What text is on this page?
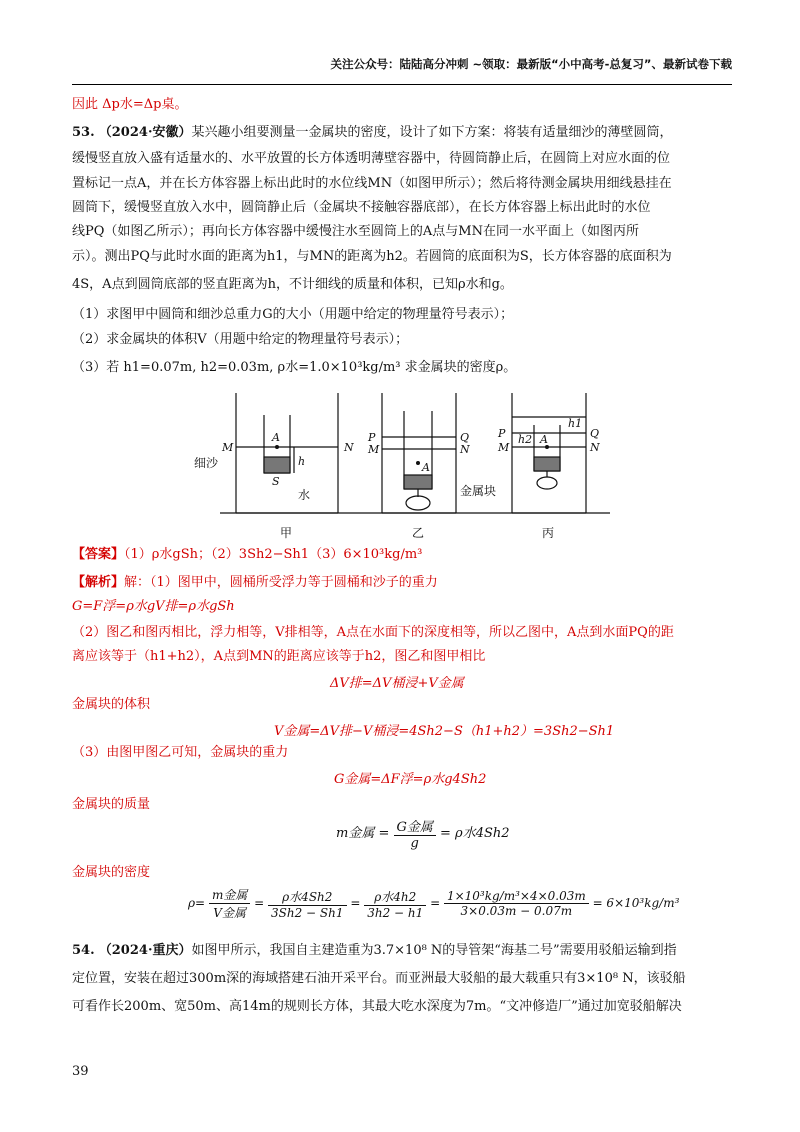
关注公众号：陆陆高分冲刺 ~领取：最新版“小中高考-总复习”、最新试卷下载
因此 Δp水=Δp桌。
53. （2024·安徽）某兴趣小组要测量一金属块的密度，设计了如下方案：将装有适量细沙的薄壁圆筒，
缓慢竖直放入盛有适量水的、水平放置的长方体透明薄壁容器中，待圆筒静止后，在圆筒上对应水面的位
置标记一点A，并在长方体容器上标出此时的水位线MN（如图甲所示）；然后将待测金属块用细线悬挂在
圆筒下，缓慢竖直放入水中，圆筒静止后（金属块不接触容器底部），在长方体容器上标出此时的水位
线PQ（如图乙所示）；再向长方体容器中缓慢注水至圆筒上的A点与MN在同一水平面上（如图丙所
示）。测出PQ与此时水面的距离为h1，与MN的距离为h2。若圆筒的底面积为S，长方体容器的底面积为
4S，A点到圆筒底部的竖直距离为h，不计细线的质量和体积，已知ρ水和g。
（1）求图甲中圆筒和细沙总重力G的大小（用题中给定的物理量符号表示）；
（2）求金属块的体积V（用题中给定的物理量符号表示）；
（3）若 h1=0.07m, h2=0.03m, ρ水=1.0×10³kg/m³ 求金属块的密度ρ。
M	N
A
S
h
P
M
Q
N
P
M
Q
N
h1
h2
A
A
细沙
水	金属块
甲	乙	丙
【答案】（1）ρ水gSh；（2）3Sh2−Sh1（3）6×10³kg/m³
【解析】解：（1）图甲中，圆桶所受浮力等于圆桶和沙子的重力
G=F浮=ρ水gV排=ρ水gSh
（2）图乙和图丙相比，浮力相等，V排相等，A点在水面下的深度相等，所以乙图中，A点到水面PQ的距
离应该等于（h1+h2），A点到MN的距离应该等于h2，图乙和图甲相比
ΔV排=ΔV桶浸+V金属
金属块的体积
V金属=ΔV排−V桶浸=4Sh2−S（h1+h2）=3Sh2−Sh1
（3）由图甲图乙可知，金属块的重力
G金属=ΔF浮=ρ水g4Sh2
金属块的质量
m金属 = $\frac{\text{G金属}}{g} = \rho$水4Sh2
金属块的密度
$\rho= \frac{\text{m金属}}{\text{V金属}} = \frac{\text{ρ水4Sh2}}{3Sh2 - Sh1} = \frac{\text{ρ水4h2}}{3h2 - h1} = \frac{\text{1×10³kg/m³×4×0.03m}}{3\times 0.03m - 0.07m} = 6\times 10^3kg/m^3$
54. （2024·重庆）如图甲所示，我国自主建造重为3.7×10⁸ N的导管架“海基二号”需要用驳船运输到指
定位置，安装在超过300m深的海域搭建石油开采平台。而亚洲最大驳船的最大载重只有3×10⁸ N，该驳船
可看作长200m、宽50m、高14m的规则长方体，其最大吃水深度为7m。“文冲修造厂”通过加宽驳船解决
39
